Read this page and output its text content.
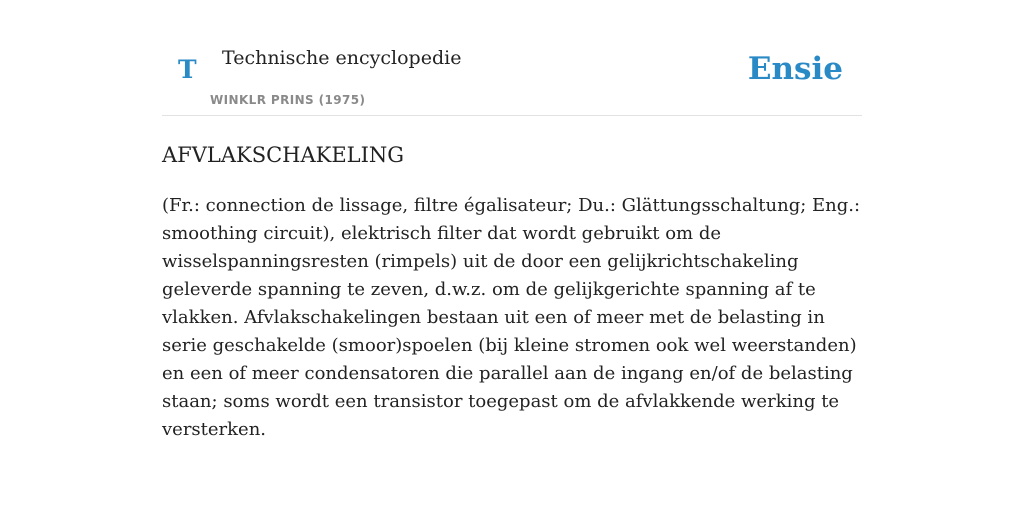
T Technische encyclopedie
WINKLR PRINS (1975)
Ensie
AFVLAKSCHAKELING

(Fr.: connection de lissage, filtre égalisateur; Du.: Glättungsschaltung; Eng.: smoothing circuit), elektrisch filter dat wordt gebruikt om de wisselspanningsresten (rimpels) uit de door een gelijkrichtschakeling geleverde spanning te zeven, d.w.z. om de gelijkgerichte spanning af te vlakken. Afvlakschakelingen bestaan uit een of meer met de belasting in serie geschakelde (smoor)spoelen (bij kleine stromen ook wel weerstanden) en een of meer condensatoren die parallel aan de ingang en/of de belasting staan; soms wordt een transistor toegepast om de afvlakkende werking te versterken.
